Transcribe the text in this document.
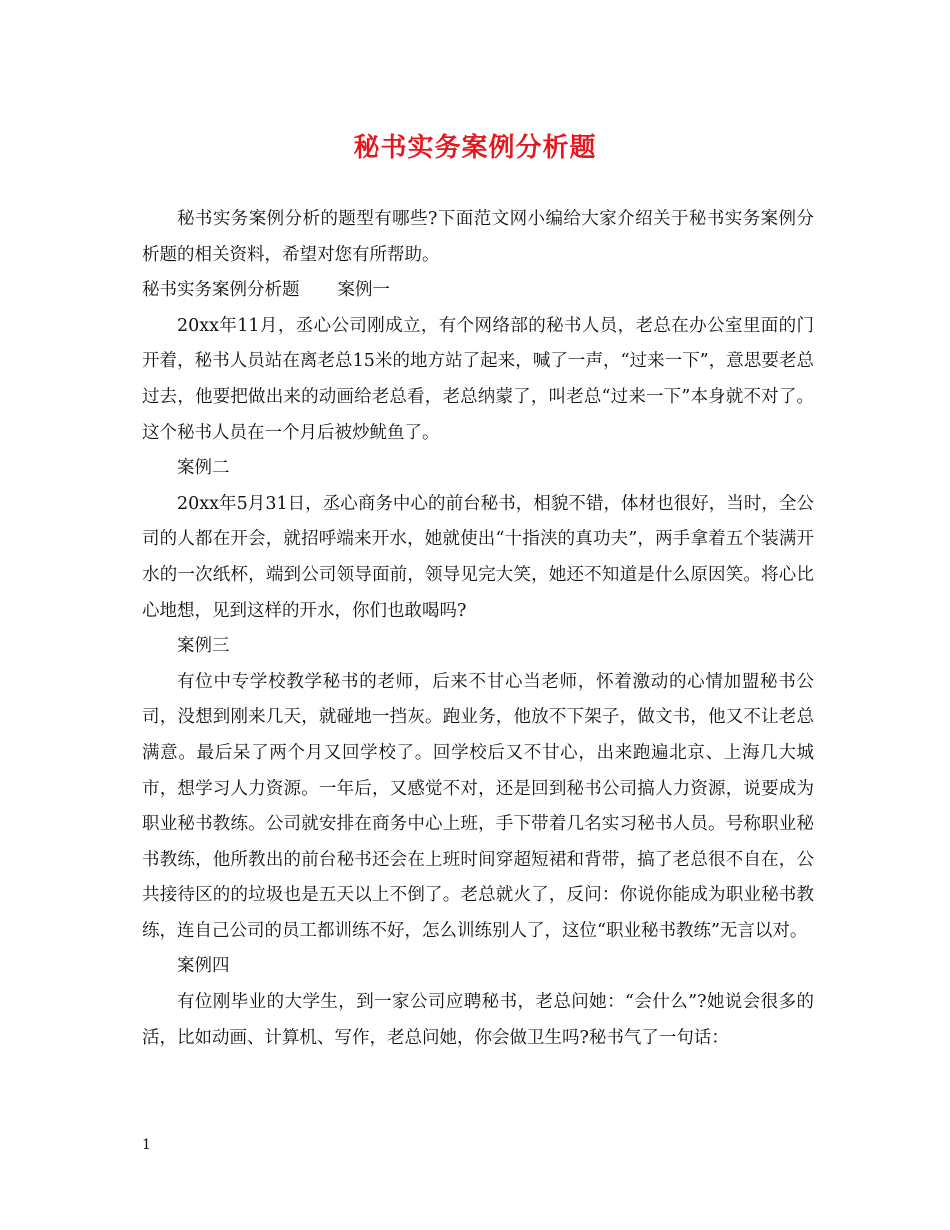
秘书实务案例分析题

秘书实务案例分析的题型有哪些?下面范文网小编给大家介绍关于秘书实务案例分析题的相关资料，希望对您有所帮助。

秘书实务案例分析题 案例一

20xx年11月，丞心公司刚成立，有个网络部的秘书人员，老总在办公室里面的门开着，秘书人员站在离老总15米的地方站了起来，喊了一声，“过来一下”，意思要老总过去，他要把做出来的动画给老总看，老总纳蒙了，叫老总“过来一下”本身就不对了。这个秘书人员在一个月后被炒鱿鱼了。

案例二

20xx年5月31日，丞心商务中心的前台秘书，相貌不错，体材也很好，当时，全公司的人都在开会，就招呼端来开水，她就使出“十指浃的真功夫”，两手拿着五个装满开水的一次纸杯，端到公司领导面前，领导见完大笑，她还不知道是什么原因笑。将心比心地想，见到这样的开水，你们也敢喝吗?

案例三

有位中专学校教学秘书的老师，后来不甘心当老师，怀着激动的心情加盟秘书公司，没想到刚来几天，就碰地一挡灰。跑业务，他放不下架子，做文书，他又不让老总满意。最后呆了两个月又回学校了。回学校后又不甘心，出来跑遍北京、上海几大城市，想学习人力资源。一年后，又感觉不对，还是回到秘书公司搞人力资源，说要成为职业秘书教练。公司就安排在商务中心上班，手下带着几名实习秘书人员。号称职业秘书教练，他所教出的前台秘书还会在上班时间穿超短裙和背带，搞了老总很不自在，公共接待区的的垃圾也是五天以上不倒了。老总就火了，反问：你说你能成为职业秘书教练，连自己公司的员工都训练不好，怎么训练别人了，这位“职业秘书教练”无言以对。

案例四

有位刚毕业的大学生，到一家公司应聘秘书，老总问她：“会什么”?她说会很多的活，比如动画、计算机、写作，老总问她，你会做卫生吗?秘书气了一句话：

1
